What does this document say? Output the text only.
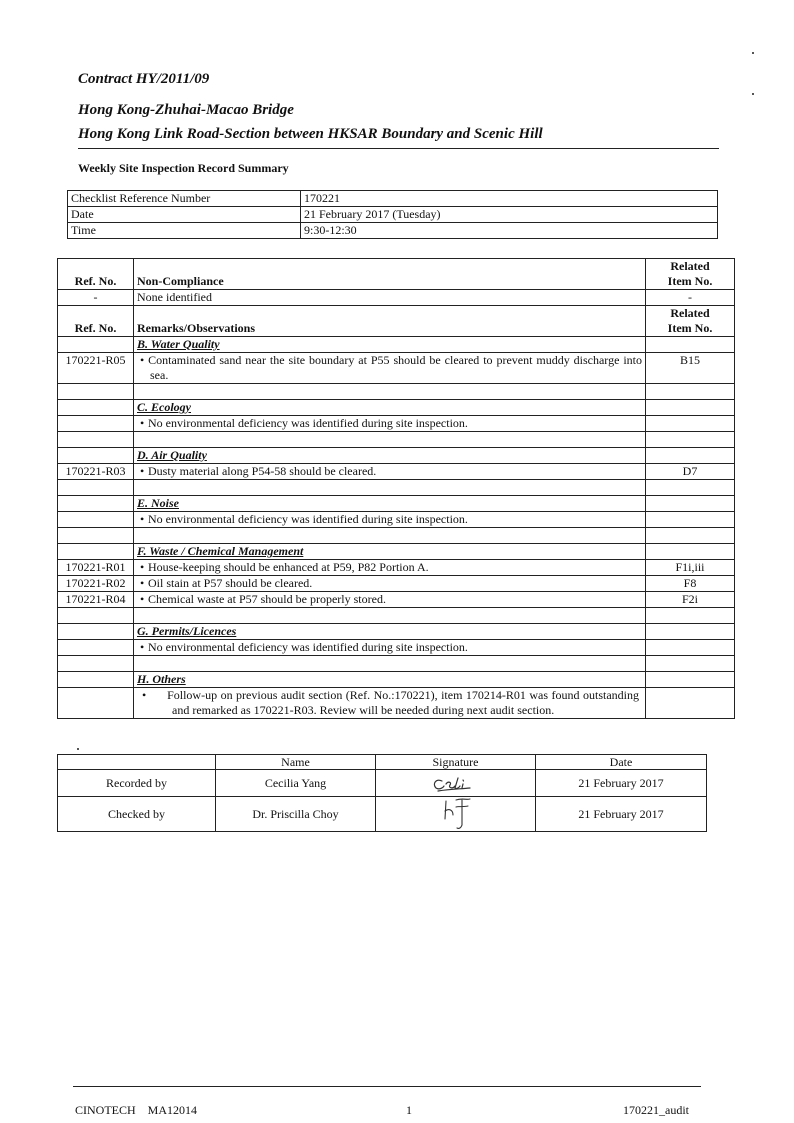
Contract HY/2011/09
Hong Kong-Zhuhai-Macao Bridge
Hong Kong Link Road-Section between HKSAR Boundary and Scenic Hill
Weekly Site Inspection Record Summary
Checklist Reference Number	170221
Date	21 February 2017 (Tuesday)
Time	9:30-12:30
Ref. No.	Non-Compliance	Related
Item No.
-	None identified	-
Ref. No.	Remarks/Observations	Related
Item No.
	B. Water Quality	
170221-R05	• Contaminated sand near the site boundary at P55 should be cleared to prevent muddy discharge into sea.	B15

	C. Ecology	
	• No environmental deficiency was identified during site inspection.	

	D. Air Quality	
170221-R03	• Dusty material along P54-58 should be cleared.	D7

	E. Noise	
	• No environmental deficiency was identified during site inspection.	

	F. Waste / Chemical Management	
170221-R01	• House-keeping should be enhanced at P59, P82 Portion A.	F1i,iii
170221-R02	• Oil stain at P57 should be cleared.	F8
170221-R04	• Chemical waste at P57 should be properly stored.	F2i

	G. Permits/Licences	
	• No environmental deficiency was identified during site inspection.	

	H. Others	
	• Follow-up on previous audit section (Ref. No.:170221), item 170214-R01 was found outstanding and remarked as 170221-R03. Review will be needed during next audit section.	
	Name	Signature	Date
Recorded by	Cecilia Yang		21 February 2017
Checked by	Dr. Priscilla Choy		21 February 2017
CINOTECH    MA12014	1	170221_audit
